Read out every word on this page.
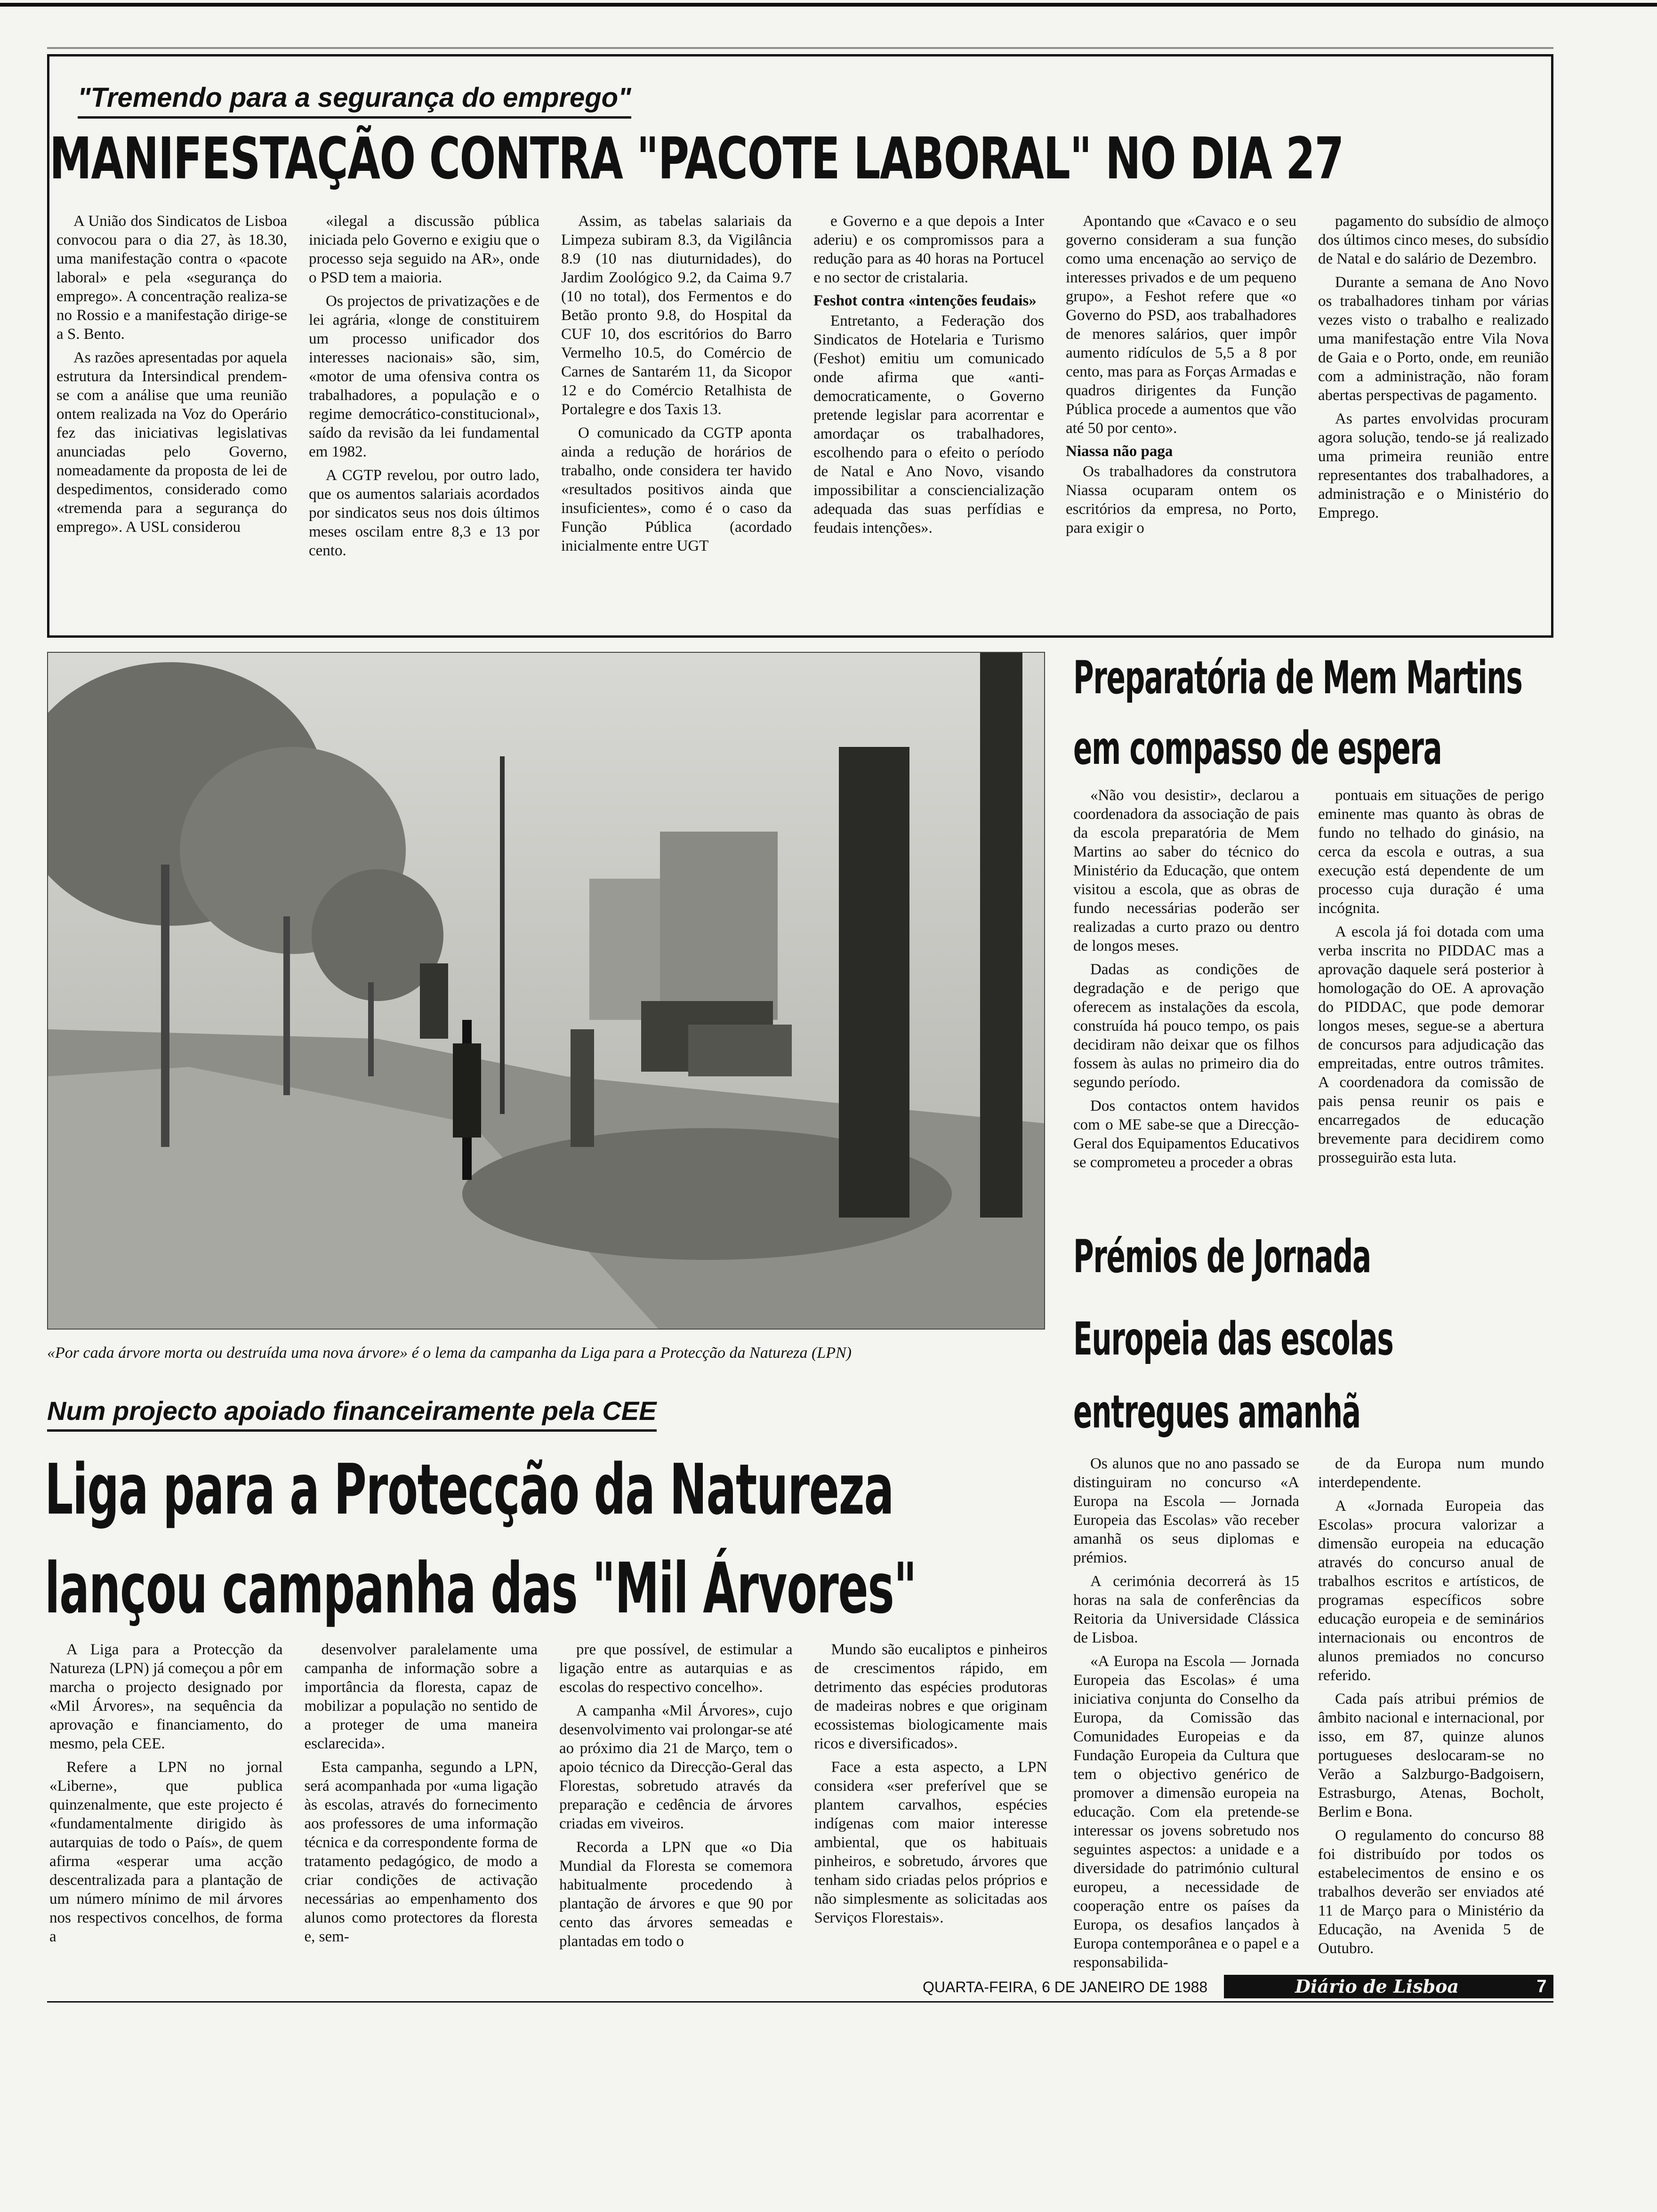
"Tremendo para a segurança do emprego"
MANIFESTAÇÃO CONTRA "PACOTE LABORAL" NO DIA 27

A União dos Sindicatos de Lisboa convocou para o dia 27, às 18.30, uma manifestação contra o «pacote laboral» e pela «segurança do emprego». A concentração realiza-se no Rossio e a manifestação dirige-se a S. Bento.

As razões apresentadas por aquela estrutura da Intersindical prendem-se com a análise que uma reunião ontem realizada na Voz do Operário fez das iniciativas legislativas anunciadas pelo Governo, nomeadamente da proposta de lei de despedimentos, considerado como «tremenda para a segurança do emprego». A USL considerou

«ilegal a discussão pública iniciada pelo Governo e exigiu que o processo seja seguido na AR», onde o PSD tem a maioria.

Os projectos de privatizações e de lei agrária, «longe de constituirem um processo unificador dos interesses nacionais» são, sim, «motor de uma ofensiva contra os trabalhadores, a população e o regime democrático-constitucional», saído da revisão da lei fundamental em 1982.

A CGTP revelou, por outro lado, que os aumentos salariais acordados por sindicatos seus nos dois últimos meses oscilam entre 8,3 e 13 por cento.

Assim, as tabelas salariais da Limpeza subiram 8.3, da Vigilância 8.9 (10 nas diuturnidades), do Jardim Zoológico 9.2, da Caima 9.7 (10 no total), dos Fermentos e do Betão pronto 9.8, do Hospital da CUF 10, dos escritórios do Barro Vermelho 10.5, do Comércio de Carnes de Santarém 11, da Sicopor 12 e do Comércio Retalhista de Portalegre e dos Taxis 13.

O comunicado da CGTP aponta ainda a redução de horários de trabalho, onde considera ter havido «resultados positivos ainda que insuficientes», como é o caso da Função Pública (acordado inicialmente entre UGT

e Governo e a que depois a Inter aderiu) e os compromissos para a redução para as 40 horas na Portucel e no sector de cristalaria.

Feshot contra «intenções feudais»

Entretanto, a Federação dos Sindicatos de Hotelaria e Turismo (Feshot) emitiu um comunicado onde afirma que «anti-democraticamente, o Governo pretende legislar para acorrentar e amordaçar os trabalhadores, escolhendo para o efeito o período de Natal e Ano Novo, visando impossibilitar a consciencialização adequada das suas perfídias e feudais intenções».

Apontando que «Cavaco e o seu governo consideram a sua função como uma encenação ao serviço de interesses privados e de um pequeno grupo», a Feshot refere que «o Governo do PSD, aos trabalhadores de menores salários, quer impôr aumento ridículos de 5,5 a 8 por cento, mas para as Forças Armadas e quadros dirigentes da Função Pública procede a aumentos que vão até 50 por cento».

Niassa não paga

Os trabalhadores da construtora Niassa ocuparam ontem os escritórios da empresa, no Porto, para exigir o

pagamento do subsídio de almoço dos últimos cinco meses, do subsídio de Natal e do salário de Dezembro.

Durante a semana de Ano Novo os trabalhadores tinham por várias vezes visto o trabalho e realizado uma manifestação entre Vila Nova de Gaia e o Porto, onde, em reunião com a administração, não foram abertas perspectivas de pagamento.

As partes envolvidas procuram agora solução, tendo-se já realizado uma primeira reunião entre representantes dos trabalhadores, a administração e o Ministério do Emprego.

«Por cada árvore morta ou destruída uma nova árvore» é o lema da campanha da Liga para a Protecção da Natureza (LPN)
Num projecto apoiado financeiramente pela CEE
Liga para a Protecção da Natureza
lançou campanha das "Mil Árvores"

A Liga para a Protecção da Natureza (LPN) já começou a pôr em marcha o projecto designado por «Mil Árvores», na sequência da aprovação e financiamento, do mesmo, pela CEE.

Refere a LPN no jornal «Liberne», que publica quinzenalmente, que este projecto é «fundamentalmente dirigido às autarquias de todo o País», de quem afirma «esperar uma acção descentralizada para a plantação de um número mínimo de mil árvores nos respectivos concelhos, de forma a

desenvolver paralelamente uma campanha de informação sobre a importância da floresta, capaz de mobilizar a população no sentido de a proteger de uma maneira esclarecida».

Esta campanha, segundo a LPN, será acompanhada por «uma ligação às escolas, através do fornecimento aos professores de uma informação técnica e da correspondente forma de tratamento pedagógico, de modo a criar condições de activação necessárias ao empenhamento dos alunos como protectores da floresta e, sem-

pre que possível, de estimular a ligação entre as autarquias e as escolas do respectivo concelho».

A campanha «Mil Árvores», cujo desenvolvimento vai prolongar-se até ao próximo dia 21 de Março, tem o apoio técnico da Direcção-Geral das Florestas, sobretudo através da preparação e cedência de árvores criadas em viveiros.

Recorda a LPN que «o Dia Mundial da Floresta se comemora habitualmente procedendo à plantação de árvores e que 90 por cento das árvores semeadas e plantadas em todo o

Mundo são eucaliptos e pinheiros de crescimentos rápido, em detrimento das espécies produtoras de madeiras nobres e que originam ecossistemas biologicamente mais ricos e diversificados».

Face a esta aspecto, a LPN considera «ser preferível que se plantem carvalhos, espécies indígenas com maior interesse ambiental, que os habituais pinheiros, e sobretudo, árvores que tenham sido criadas pelos próprios e não simplesmente as solicitadas aos Serviços Florestais».

Preparatória de Mem Martins
em compasso de espera

«Não vou desistir», declarou a coordenadora da associação de pais da escola preparatória de Mem Martins ao saber do técnico do Ministério da Educação, que ontem visitou a escola, que as obras de fundo necessárias poderão ser realizadas a curto prazo ou dentro de longos meses.

Dadas as condições de degradação e de perigo que oferecem as instalações da escola, construída há pouco tempo, os pais decidiram não deixar que os filhos fossem às aulas no primeiro dia do segundo período.

Dos contactos ontem havidos com o ME sabe-se que a Direcção-Geral dos Equipamentos Educativos se comprometeu a proceder a obras

pontuais em situações de perigo eminente mas quanto às obras de fundo no telhado do ginásio, na cerca da escola e outras, a sua execução está dependente de um processo cuja duração é uma incógnita.

A escola já foi dotada com uma verba inscrita no PIDDAC mas a aprovação daquele será posterior à homologação do OE. A aprovação do PIDDAC, que pode demorar longos meses, segue-se a abertura de concursos para adjudicação das empreitadas, entre outros trâmites. A coordenadora da comissão de pais pensa reunir os pais e encarregados de educação brevemente para decidirem como prosseguirão esta luta.

Prémios de Jornada
Europeia das escolas
entregues amanhã

Os alunos que no ano passado se distinguiram no concurso «A Europa na Escola — Jornada Europeia das Escolas» vão receber amanhã os seus diplomas e prémios.

A cerimónia decorrerá às 15 horas na sala de conferências da Reitoria da Universidade Clássica de Lisboa.

«A Europa na Escola — Jornada Europeia das Escolas» é uma iniciativa conjunta do Conselho da Europa, da Comissão das Comunidades Europeias e da Fundação Europeia da Cultura que tem o objectivo genérico de promover a dimensão europeia na educação. Com ela pretende-se interessar os jovens sobretudo nos seguintes aspectos: a unidade e a diversidade do património cultural europeu, a necessidade de cooperação entre os países da Europa, os desafios lançados à Europa contemporânea e o papel e a responsabilida-

de da Europa num mundo interdependente.

A «Jornada Europeia das Escolas» procura valorizar a dimensão europeia na educação através do concurso anual de trabalhos escritos e artísticos, de programas específicos sobre educação europeia e de seminários internacionais ou encontros de alunos premiados no concurso referido.

Cada país atribui prémios de âmbito nacional e internacional, por isso, em 87, quinze alunos portugueses deslocaram-se no Verão a Salzburgo-Badgoisern, Estrasburgo, Atenas, Bocholt, Berlim e Bona.

O regulamento do concurso 88 foi distribuído por todos os estabelecimentos de ensino e os trabalhos deverão ser enviados até 11 de Março para o Ministério da Educação, na Avenida 5 de Outubro.

QUARTA-FEIRA, 6 DE JANEIRO DE 1988	Diário de Lisboa	7
